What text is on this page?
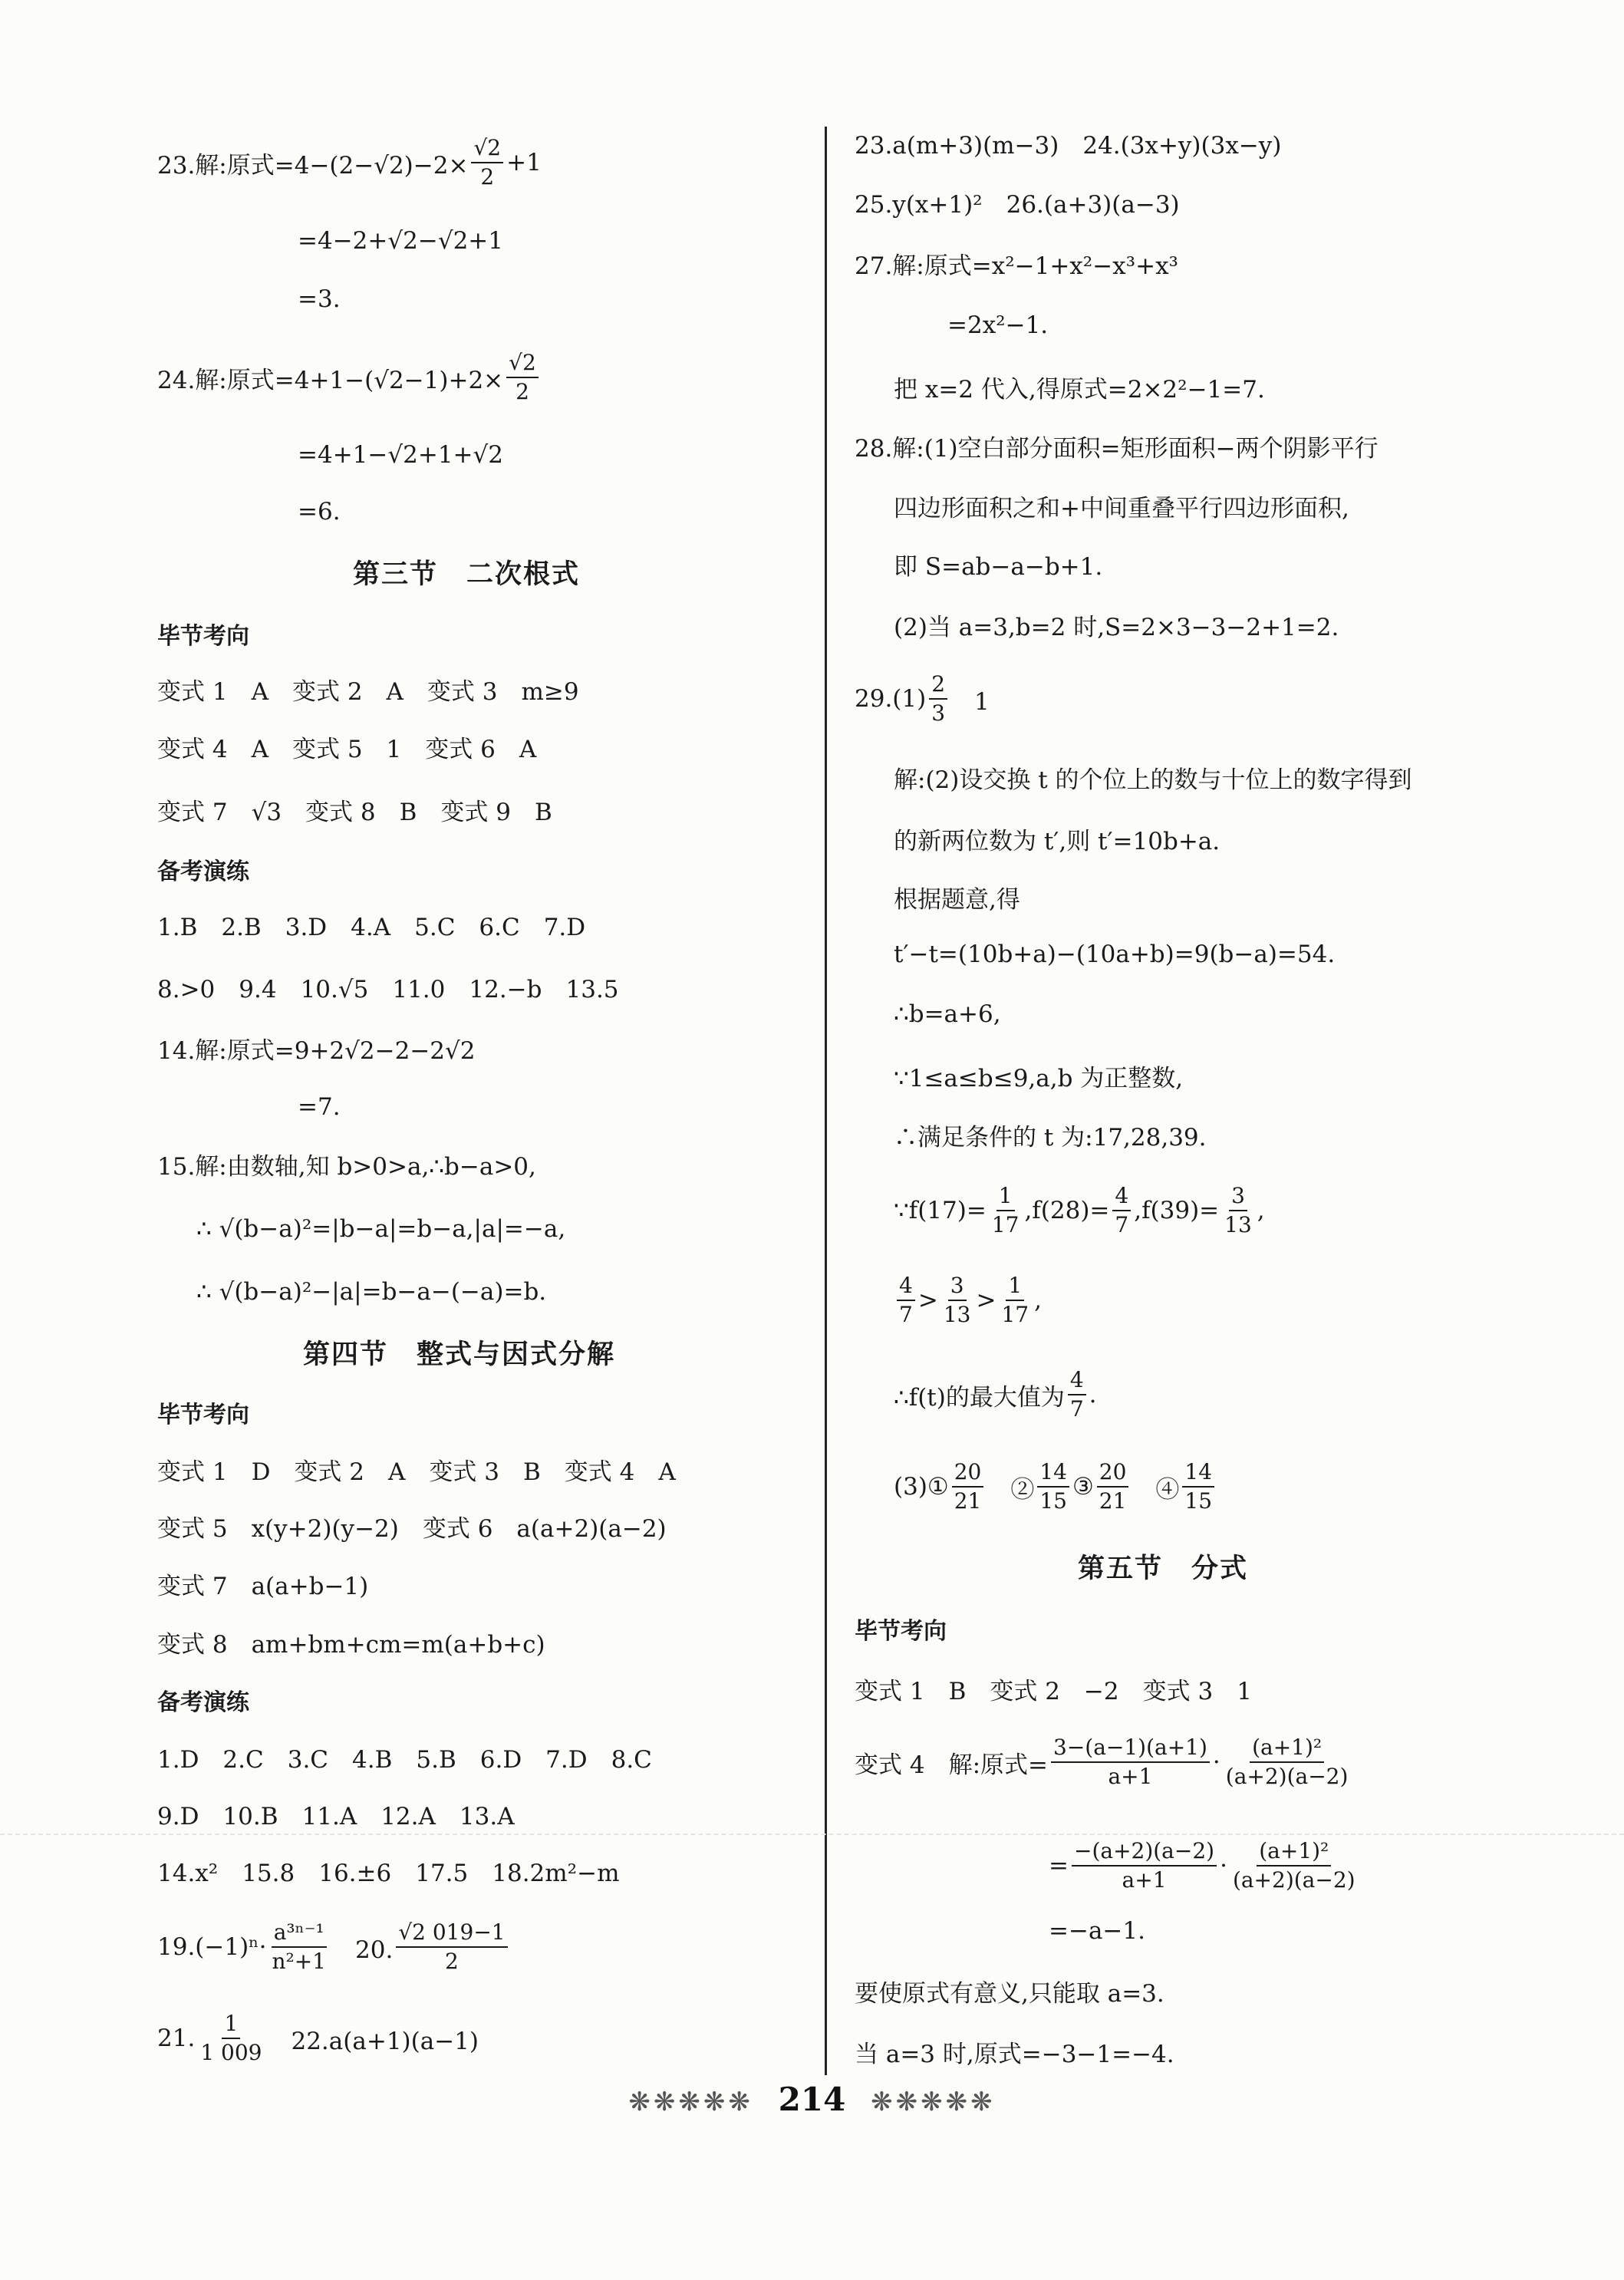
23.解:原式$=4-(2-√2)-2\times \frac{√2}{2} +1$
=4−2+√2−√2+1
=3.
24.解:原式$=4+1-(√2-1)+2\times \frac{√2}{2}$
=4+1−√2+1+√2
=6.
第三节　二次根式
毕节考向
变式 1　A　变式 2　A　变式 3　m≥9
变式 4　A　变式 5　1　变式 6　A
变式 7　√3　变式 8　B　变式 9　B
备考演练
1.B　2.B　3.D　4.A　5.C　6.C　7.D
8.>0　9.4　10.√5　11.0　12.−b　13.5
14.解:原式=9+2√2−2−2√2
=7.
15.解:由数轴,知 b>0>a,∴b−a>0,
∴ √(b−a)²=|b−a|=b−a,|a|=−a,
∴ √(b−a)²−|a|=b−a−(−a)=b.
第四节　整式与因式分解
毕节考向
变式 1　D　变式 2　A　变式 3　B　变式 4　A
变式 5　x(y+2)(y−2)　变式 6　a(a+2)(a−2)
变式 7　a(a+b−1)
变式 8　am+bm+cm=m(a+b+c)
备考演练
1.D　2.C　3.C　4.B　5.B　6.D　7.D　8.C
9.D　10.B　11.A　12.A　13.A
14.x²　15.8　16.±6　17.5　18.2m²−m
$19.(-1)^n\cdot \frac{\text{a³ⁿ⁻¹}}{\text{n²+1}}$ 　20. $\frac{√2 019-1}{2}$
21. $\frac{1}{1 009}$ 　22.a(a+1)(a−1)
23.a(m+3)(m−3)　24.(3x+y)(3x−y)
25.y(x+1)²　26.(a+3)(a−3)
27.解:原式=x²−1+x²−x³+x³
=2x²−1.
把 x=2 代入,得原式=2×2²−1=7.
28.解:(1)空白部分面积=矩形面积−两个阴影平行
四边形面积之和+中间重叠平行四边形面积,
即 S=ab−a−b+1.
(2)当 a=3,b=2 时,S=2×3−3−2+1=2.
$29.(1) \frac{2}{3}$ 　1
解:(2)设交换 t 的个位上的数与十位上的数字得到
的新两位数为 t′,则 t′=10b+a.
根据题意,得
t′−t=(10b+a)−(10a+b)=9(b−a)=54.
∴b=a+6,
∵1≤a≤b≤9,a,b 为正整数,
∴满足条件的 t 为:17,28,39.
∵f(17)= $\frac{1}{17} ,f(28)= \frac{4}{7} ,f(39)= \frac{3}{13}$ ,
$\frac{4}{7} > \frac{3}{13} > \frac{1}{17}$ ,
∴f(t)的最大值为 $\frac{4}{7}$ .
(3)① $\frac{20}{21}$ 　② $\frac{14}{15}$ ③ $\frac{20}{21}$ 　④ $\frac{14}{15}$
第五节　分式
毕节考向
变式 1　B　变式 2　−2　变式 3　1
变式 4　解:原式= $\frac{3-(a-1)(a+1)}{a+1} \cdot \frac{\text{(a+1)²}}{(a+2)(a-2)}$
= $\frac{-(a+2)(a-2)}{a+1} \cdot \frac{\text{(a+1)²}}{(a+2)(a-2)}$
=−a−1.
要使原式有意义,只能取 a=3.
当 a=3 时,原式=−3−1=−4.
❋❋❋❋❋ 214 ❋❋❋❋❋
